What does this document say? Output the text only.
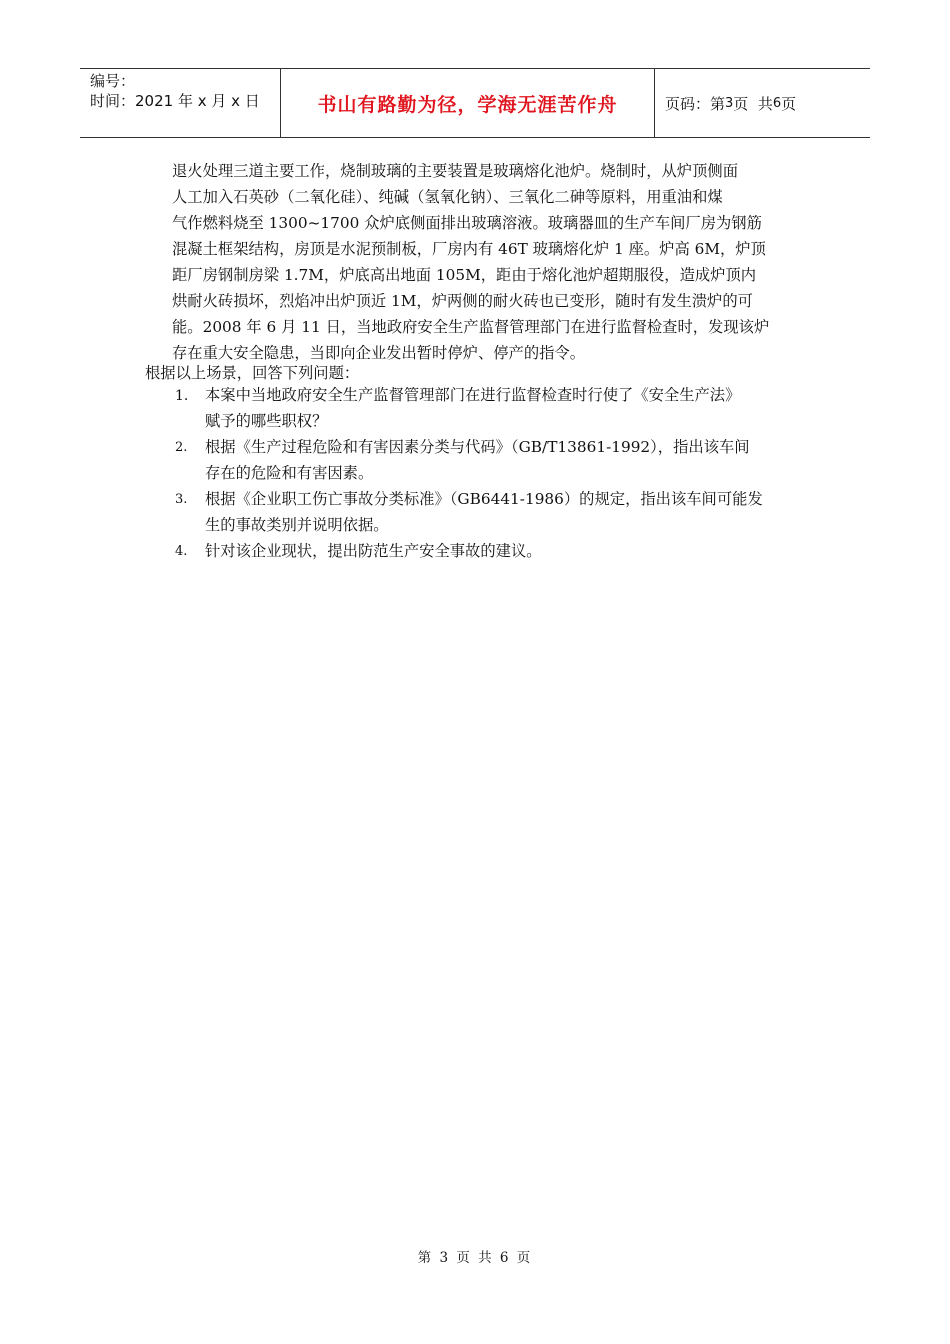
编号：
时间：2021 年 x 月 x 日	书山有路勤为径，学海无涯苦作舟	页码：第 3 页  共 6 页
退火处理三道主要工作，烧制玻璃的主要装置是玻璃熔化池炉。烧制时，从炉顶侧面
人工加入石英砂（二氧化硅）、纯碱（氢氧化钠）、三氧化二砷等原料，用重油和煤
气作燃料烧至 1300~1700 众炉底侧面排出玻璃溶液。玻璃器皿的生产车间厂房为钢筋
混凝土框架结构，房顶是水泥预制板，厂房内有 46T 玻璃熔化炉 1 座。炉高 6M，炉顶
距厂房钢制房梁 1.7M，炉底高出地面 105M，距由于熔化池炉超期服役，造成炉顶内
烘耐火砖损坏，烈焰冲出炉顶近 1M，炉两侧的耐火砖也已变形，随时有发生溃炉的可
能。2008 年 6 月 11 日，当地政府安全生产监督管理部门在进行监督检查时，发现该炉
存在重大安全隐患，当即向企业发出暂时停炉、停产的指令。
根据以上场景，回答下列问题：
1.	本案中当地政府安全生产监督管理部门在进行监督检查时行使了《安全生产法》
赋予的哪些职权？
2.	根据《生产过程危险和有害因素分类与代码》（GB/T13861-1992），指出该车间
存在的危险和有害因素。
3.	根据《企业职工伤亡事故分类标准》（GB6441-1986）的规定，指出该车间可能发
生的事故类别并说明依据。
4.	针对该企业现状，提出防范生产安全事故的建议。
第 3 页 共 6 页
